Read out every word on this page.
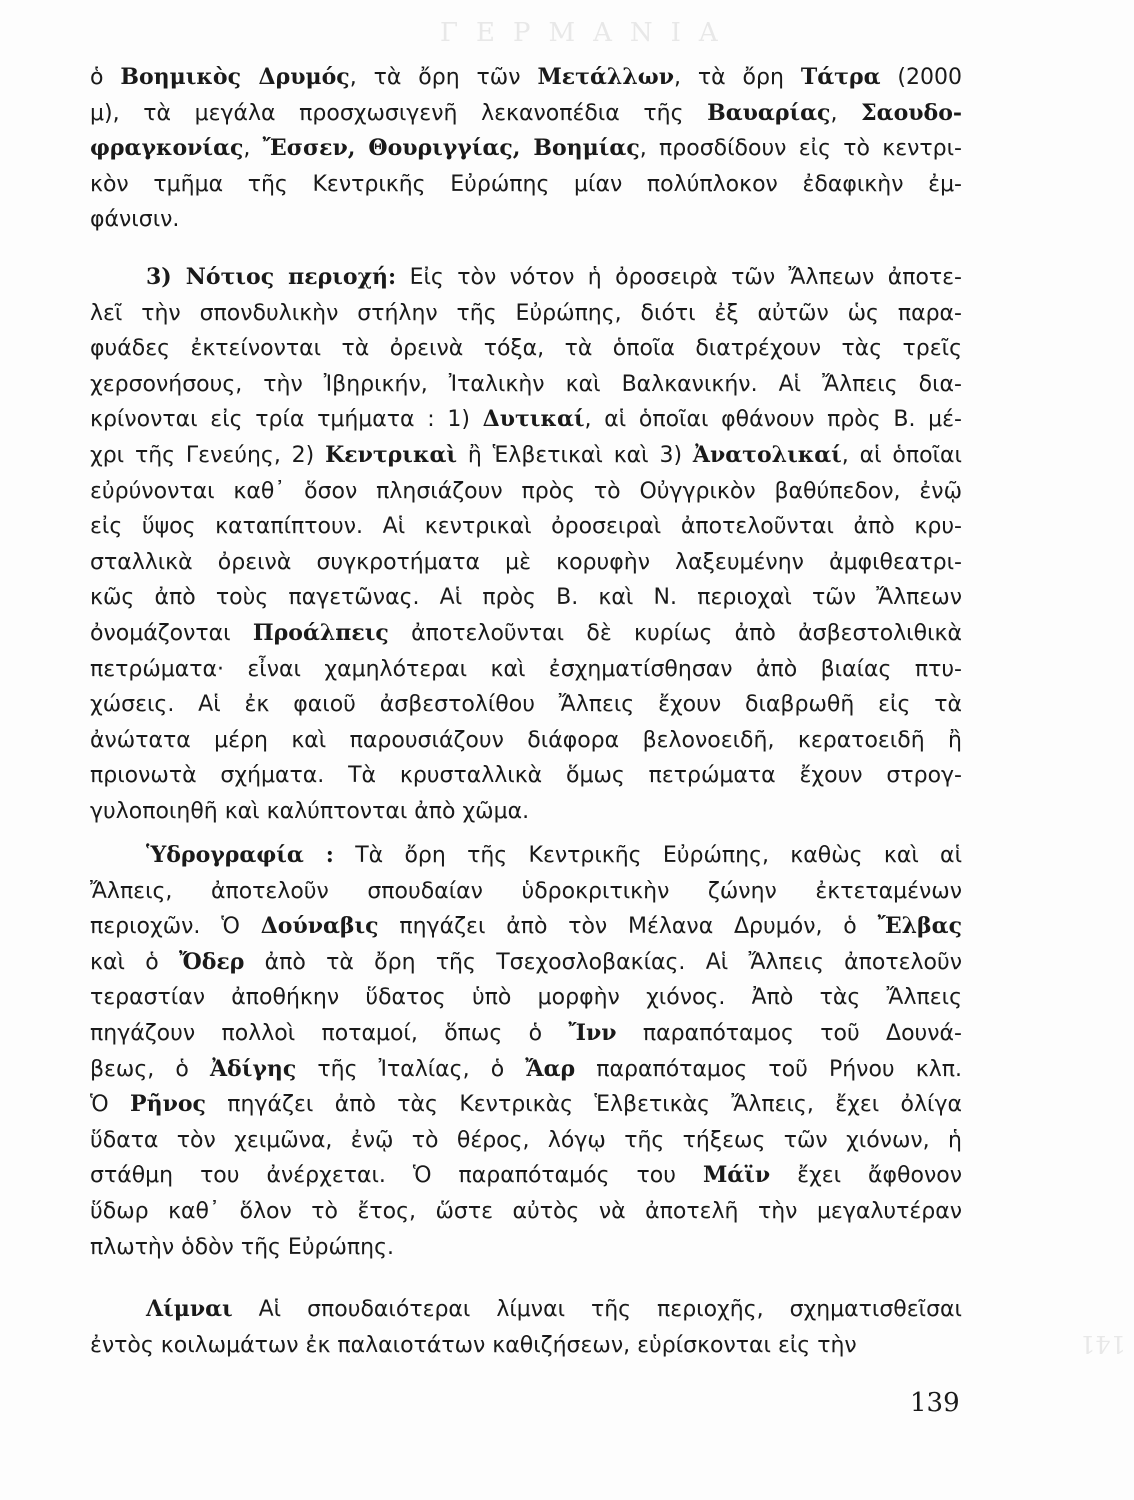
ΓΕΡΜΑΝΙΑ
141
ὁ Βοημικὸς Δρυμός, τὰ ὄρη τῶν Μετάλλων, τὰ ὄρη Τάτρα (2000
μ), τὰ μεγάλα προσχωσιγενῆ λεκανοπέδια τῆς Βαυαρίας, Σαουδο-
φραγκονίας, Ἔσσεν, Θουριγγίας, Βοημίας, προσδίδουν εἰς τὸ κεντρι-
κὸν τμῆμα τῆς Κεντρικῆς Εὐρώπης μίαν πολύπλοκον ἐδαφικὴν ἐμ-
φάνισιν.
3) Νότιος περιοχή: Εἰς τὸν νότον ἡ ὀροσειρὰ τῶν Ἄλπεων ἀποτε-
λεῖ τὴν σπονδυλικὴν στήλην τῆς Εὐρώπης, διότι ἐξ αὐτῶν ὡς παρα-
φυάδες ἐκτείνονται τὰ ὀρεινὰ τόξα, τὰ ὁποῖα διατρέχουν τὰς τρεῖς
χερσονήσους, τὴν Ἰβηρικήν, Ἰταλικὴν καὶ Βαλκανικήν. Αἱ Ἄλπεις δια-
κρίνονται εἰς τρία τμήματα : 1) Δυτικαί, αἱ ὁποῖαι φθάνουν πρὸς Β. μέ-
χρι τῆς Γενεύης, 2) Κεντρικαὶ ἢ Ἑλβετικαὶ καὶ 3) Ἀνατολικαί, αἱ ὁποῖαι
εὐρύνονται καθ᾽ ὅσον πλησιάζουν πρὸς τὸ Οὐγγρικὸν βαθύπεδον, ἐνῷ
εἰς ὕψος καταπίπτουν. Αἱ κεντρικαὶ ὀροσειραὶ ἀποτελοῦνται ἀπὸ κρυ-
σταλλικὰ ὀρεινὰ συγκροτήματα μὲ κορυφὴν λαξευμένην ἀμφιθεατρι-
κῶς ἀπὸ τοὺς παγετῶνας. Αἱ πρὸς Β. καὶ Ν. περιοχαὶ τῶν Ἄλπεων
ὀνομάζονται Προάλπεις ἀποτελοῦνται δὲ κυρίως ἀπὸ ἀσβεστολιθικὰ
πετρώματα· εἶναι χαμηλότεραι καὶ ἐσχηματίσθησαν ἀπὸ βιαίας πτυ-
χώσεις. Αἱ ἐκ φαιοῦ ἀσβεστολίθου Ἄλπεις ἔχουν διαβρωθῆ εἰς τὰ
ἀνώτατα μέρη καὶ παρουσιάζουν διάφορα βελονοειδῆ, κερατοειδῆ ἢ
πριονωτὰ σχήματα. Τὰ κρυσταλλικὰ ὅμως πετρώματα ἔχουν στρογ-
γυλοποιηθῆ καὶ καλύπτονται ἀπὸ χῶμα.
Ὑδρογραφία : Τὰ ὄρη τῆς Κεντρικῆς Εὐρώπης, καθὼς καὶ αἱ
Ἄλπεις, ἀποτελοῦν σπουδαίαν ὑδροκριτικὴν ζώνην ἐκτεταμένων
περιοχῶν. Ὁ Δούναβις πηγάζει ἀπὸ τὸν Μέλανα Δρυμόν, ὁ Ἔλβας
καὶ ὁ Ὄδερ ἀπὸ τὰ ὄρη τῆς Τσεχοσλοβακίας. Αἱ Ἄλπεις ἀποτελοῦν
τεραστίαν ἀποθήκην ὕδατος ὑπὸ μορφὴν χιόνος. Ἀπὸ τὰς Ἄλπεις
πηγάζουν πολλοὶ ποταμοί, ὅπως ὁ Ἴνν παραπόταμος τοῦ Δουνά-
βεως, ὁ Ἀδίγης τῆς Ἰταλίας, ὁ Ἄαρ παραπόταμος τοῦ Ρήνου κλπ.
Ὁ Ρῆνος πηγάζει ἀπὸ τὰς Κεντρικὰς Ἑλβετικὰς Ἄλπεις, ἔχει ὀλίγα
ὕδατα τὸν χειμῶνα, ἐνῷ τὸ θέρος, λόγῳ τῆς τήξεως τῶν χιόνων, ἡ
στάθμη του ἀνέρχεται. Ὁ παραπόταμός του Μάϊν ἔχει ἄφθονον
ὕδωρ καθ᾽ ὅλον τὸ ἔτος, ὥστε αὐτὸς νὰ ἀποτελῆ τὴν μεγαλυτέραν
πλωτὴν ὁδὸν τῆς Εὐρώπης.
Λίμναι Αἱ σπουδαιότεραι λίμναι τῆς περιοχῆς, σχηματισθεῖσαι
ἐντὸς κοιλωμάτων ἐκ παλαιοτάτων καθιζήσεων, εὑρίσκονται εἰς τὴν
139
